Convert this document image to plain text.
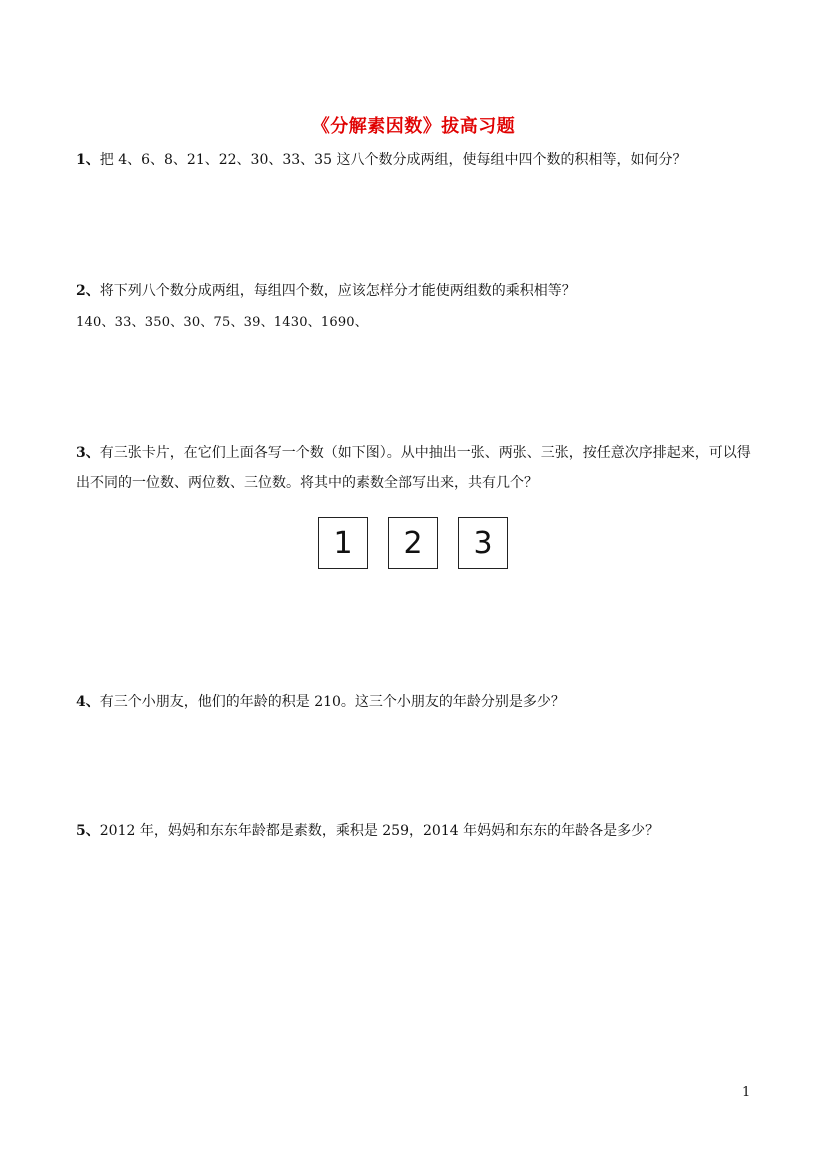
《分解素因数》拔高习题

1、把 4、6、8、21、22、30、33、35 这八个数分成两组，使每组中四个数的积相等，如何分？

2、将下列八个数分成两组，每组四个数，应该怎样分才能使两组数的乘积相等？

140、33、350、30、75、39、1430、1690、

3、有三张卡片，在它们上面各写一个数（如下图）。从中抽出一张、两张、三张，按任意次序排起来，可以得出不同的一位数、两位数、三位数。将其中的素数全部写出来，共有几个？

1	2	3

4、有三个小朋友，他们的年龄的积是 210。这三个小朋友的年龄分别是多少？

5、2012 年，妈妈和东东年龄都是素数，乘积是 259，2014 年妈妈和东东的年龄各是多少？

1
